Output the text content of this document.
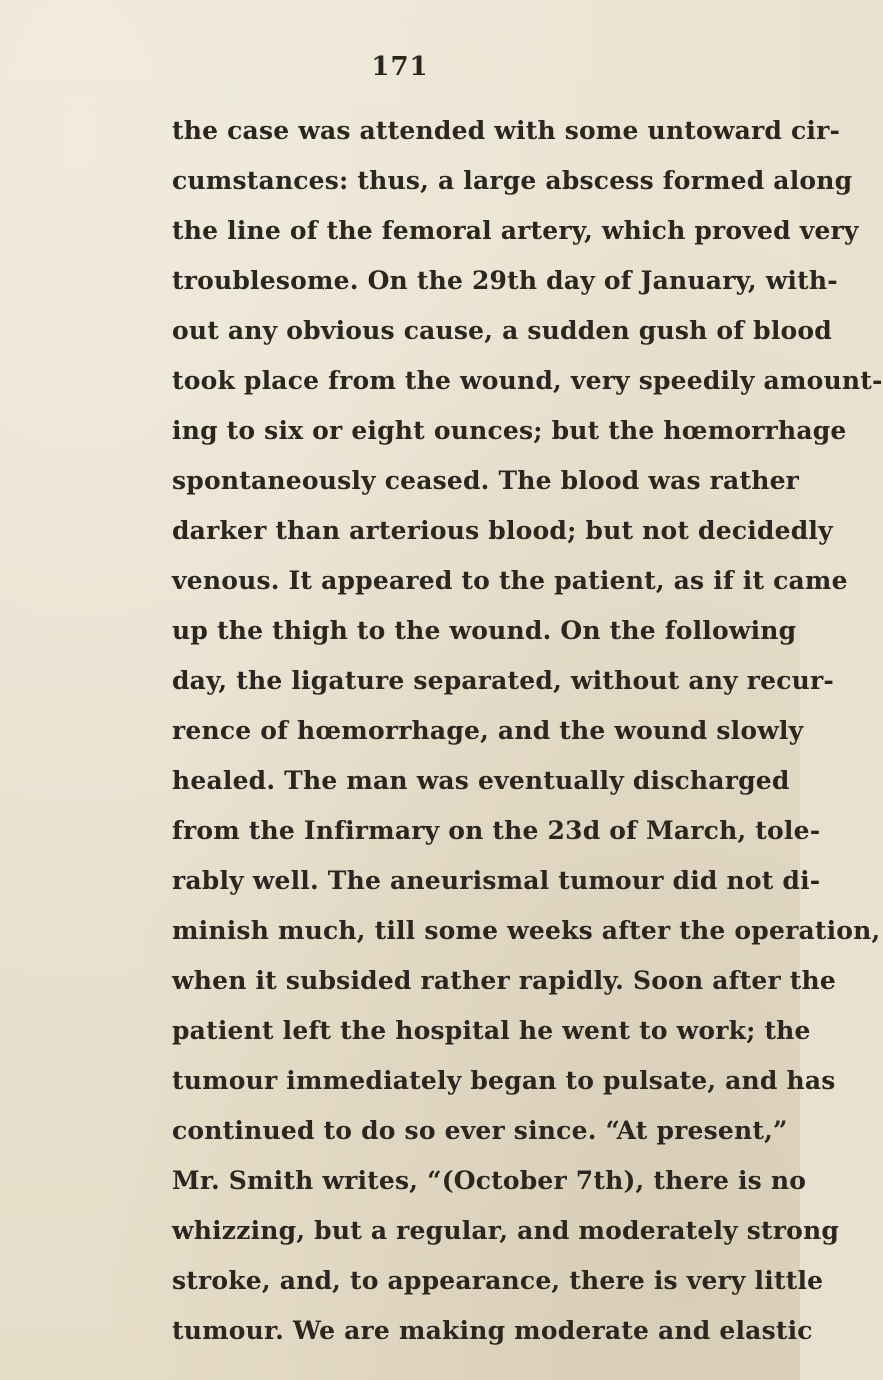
171
the case was attended with some untoward cir-
cumstances: thus, a large abscess formed along
the line of the femoral artery, which proved very
troublesome. On the 29th day of January, with-
out any obvious cause, a sudden gush of blood
took place from the wound, very speedily amount-
ing to six or eight ounces; but the hœmorrhage
spontaneously ceased. The blood was rather
darker than arterious blood; but not decidedly
venous. It appeared to the patient, as if it came
up the thigh to the wound. On the following
day, the ligature separated, without any recur-
rence of hœmorrhage, and the wound slowly
healed. The man was eventually discharged
from the Infirmary on the 23d of March, tole-
rably well. The aneurismal tumour did not di-
minish much, till some weeks after the operation,
when it subsided rather rapidly. Soon after the
patient left the hospital he went to work; the
tumour immediately began to pulsate, and has
continued to do so ever since. “At present,”
Mr. Smith writes, “(October 7th), there is no
whizzing, but a regular, and moderately strong
stroke, and, to appearance, there is very little
tumour. We are making moderate and elastic
